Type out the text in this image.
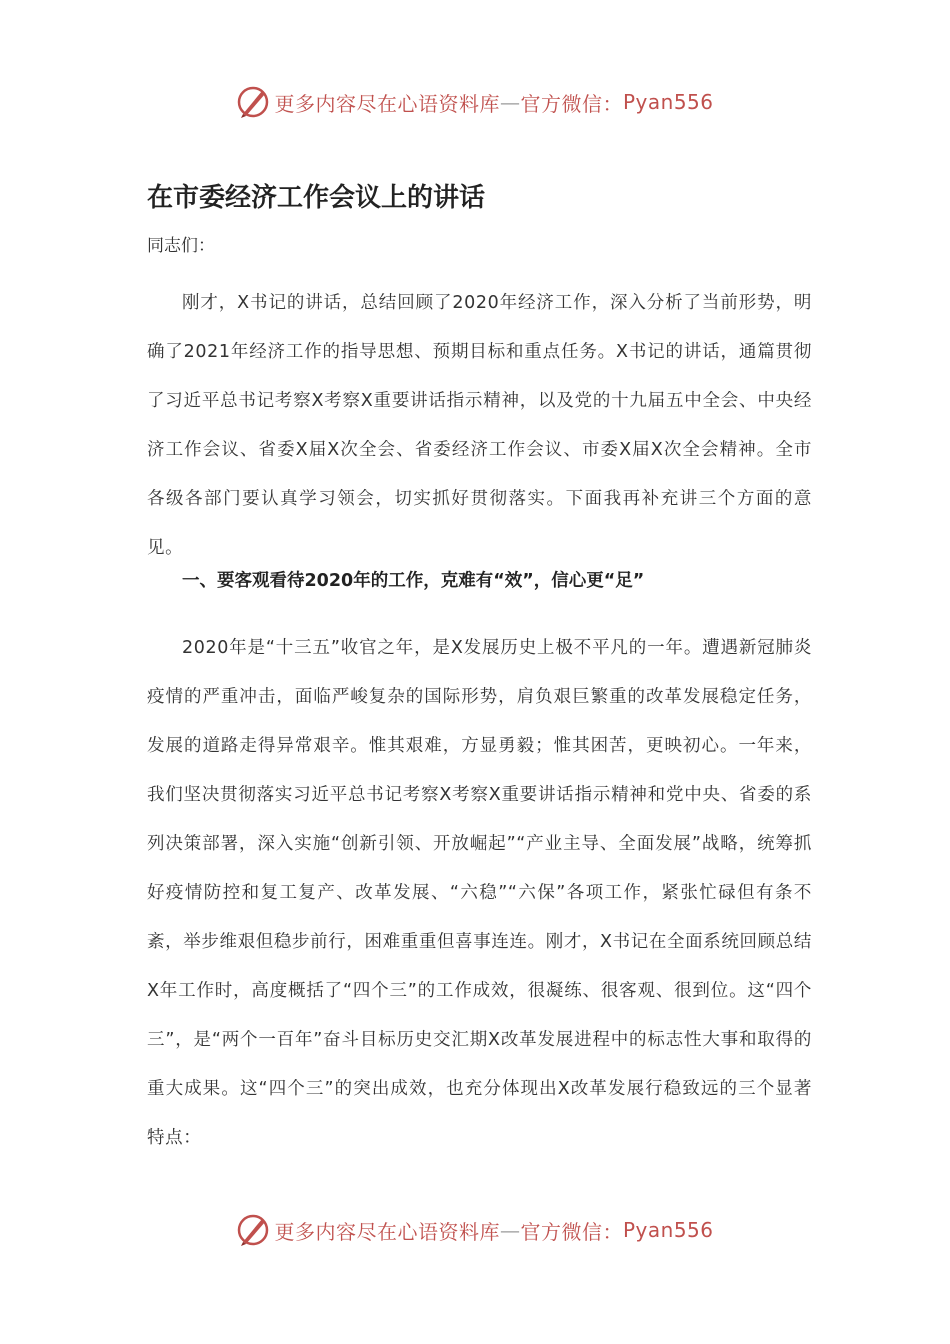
更多内容尽在心语资料库 — 官方微信： Pyan556
在市委经济工作会议上的讲话
同志们：
刚才，X书记的讲话，总结回顾了2020年经济工作，深入分析了当前形势，明确了2021年经济工作的指导思想、预期目标和重点任务。X书记的讲话，通篇贯彻了习近平总书记考察X考察X重要讲话指示精神，以及党的十九届五中全会、中央经济工作会议、省委X届X次全会、省委经济工作会议、市委X届X次全会精神。全市各级各部门要认真学习领会，切实抓好贯彻落实。下面我再补充讲三个方面的意见。
一、要客观看待2020年的工作，克难有“效”，信心更“足”
2020年是“十三五”收官之年，是X发展历史上极不平凡的一年。遭遇新冠肺炎疫情的严重冲击，面临严峻复杂的国际形势，肩负艰巨繁重的改革发展稳定任务，发展的道路走得异常艰辛。惟其艰难，方显勇毅；惟其困苦，更映初心。一年来，我们坚决贯彻落实习近平总书记考察X考察X重要讲话指示精神和党中央、省委的系列决策部署，深入实施“创新引领、开放崛起”“产业主导、全面发展”战略，统筹抓好疫情防控和复工复产、改革发展、“六稳”“六保”各项工作，紧张忙碌但有条不紊，举步维艰但稳步前行，困难重重但喜事连连。刚才，X书记在全面系统回顾总结X年工作时，高度概括了“四个三”的工作成效，很凝练、很客观、很到位。这“四个三”，是“两个一百年”奋斗目标历史交汇期X改革发展进程中的标志性大事和取得的重大成果。这“四个三”的突出成效，也充分体现出X改革发展行稳致远的三个显著特点：
更多内容尽在心语资料库 — 官方微信： Pyan556
